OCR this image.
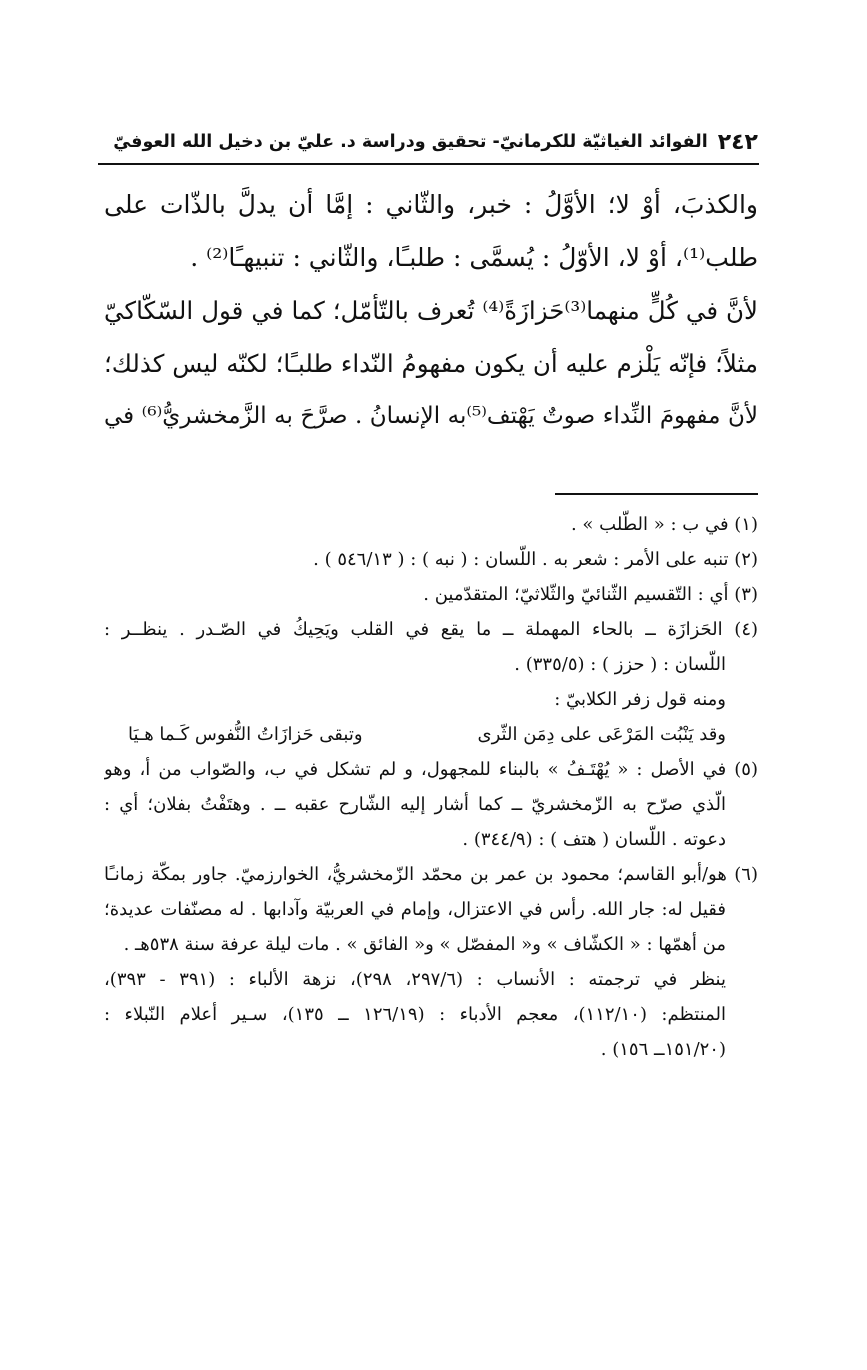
٢٤٢
الفوائد الغياثيّة للكرمانيّ- تحقيق ودراسة د. عليّ بن دخيل الله العوفيّ
والكذبَ، أوْ لا؛ الأوَّلُ : خبر، والثّاني : إمَّا أن يدلَّ بالذّات على
طلب⁽¹⁾، أوْ لا، الأوّلُ : يُسمَّى : طلبـًا، والثّاني : تنبيهـًا⁽²⁾ .
لأنَّ في كُلٍّ منهما⁽³⁾حَزازَةً⁽⁴⁾ تُعرف بالتّأمّل؛ كما في قول السّكّاكيّ
مثلاً؛ فإنّه يَلْزم عليه أن يكون مفهومُ النّداء طلبـًا؛ لكنّه ليس كذلك؛
لأنَّ مفهومَ النِّداء صوتٌ يَهْتف⁽⁵⁾به الإنسانُ . صرَّحَ به الزَّمخشريُّ⁽⁶⁾ في
(١) في ب : « الطّلب » .
(٢) تنبه على الأمر : شعر به . اللّسان : ( نبه ) : ( ٥٤٦/١٣ ) .
(٣) أي : التّقسيم الثّنائيّ والثّلاثيّ؛ المتقدّمين .
(٤) الحَزازَة ــ بالحاء المهملة ــ ما يقع في القلب ويَحِيكُ في الصّـدر . ينظــر :
اللّسان : ( حزز ) : (٣٣٥/٥) .
ومنه قول زفر الكلابيّ :
وقد يَنْبُت المَرْعَى على دِمَن الثّرى
وتبقى حَزازَاتُ النُّفوس كَـما هـيَا
(٥) في الأصل : « يُهْتَـفُ » بالبناء للمجهول، و لم تشكل في ب، والصّواب من أ، وهو
الّذي صرّح به الزّمخشريّ ــ كما أشار إليه الشّارح عقبه ــ . وهتَفْتُ بفلان؛ أي :
دعوته . اللّسان ( هتف ) : (٣٤٤/٩) .
(٦) هو/أبو القاسم؛ محمود بن عمر بن محمّد الزّمخشريُّ، الخوارزميّ. جاور بمكّة زمانـًا
فقيل له: جار الله. رأس في الاعتزال، وإمام في العربيّة وآدابها . له مصنّفات عديدة؛
من أهمّها : « الكشّاف » و« المفصّل » و« الفائق » . مات ليلة عرفة سنة ٥٣٨هـ .
ينظر في ترجمته : الأنساب : (٢٩٧/٦، ٢٩٨)، نزهة الألباء : (٣٩١ - ٣٩٣)،
المنتظم: (١١٢/١٠)، معجم الأدباء : (١٢٦/١٩ ــ ١٣٥)، سـير أعلام النّبلاء :
(١٥١/٢٠ــ ١٥٦) .
